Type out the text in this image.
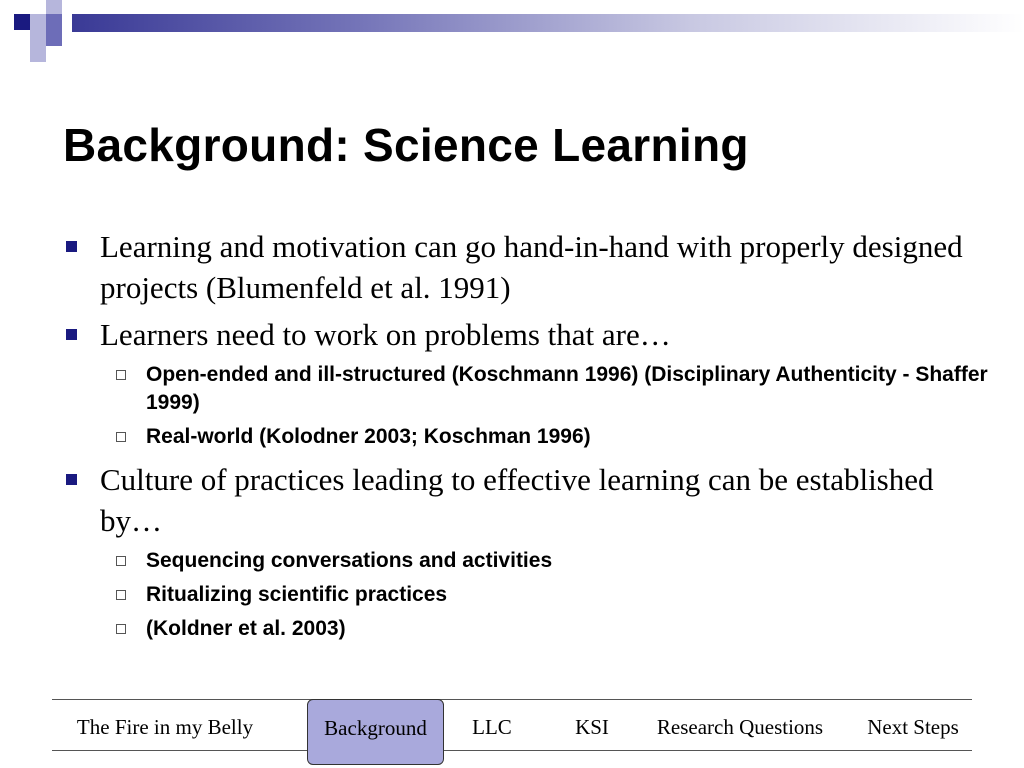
Background: Science Learning
Learning and motivation can go hand-in-hand with properly designed projects (Blumenfeld et al. 1991)
Learners need to work on problems that are…
Open-ended and ill-structured (Koschmann 1996) (Disciplinary Authenticity - Shaffer 1999)
Real-world (Kolodner 2003; Koschman 1996)
Culture of practices leading to effective learning can be established by…
Sequencing conversations and activities
Ritualizing scientific practices
(Koldner et al. 2003)
The Fire in my Belly	Background	LLC	KSI	Research Questions	Next Steps
